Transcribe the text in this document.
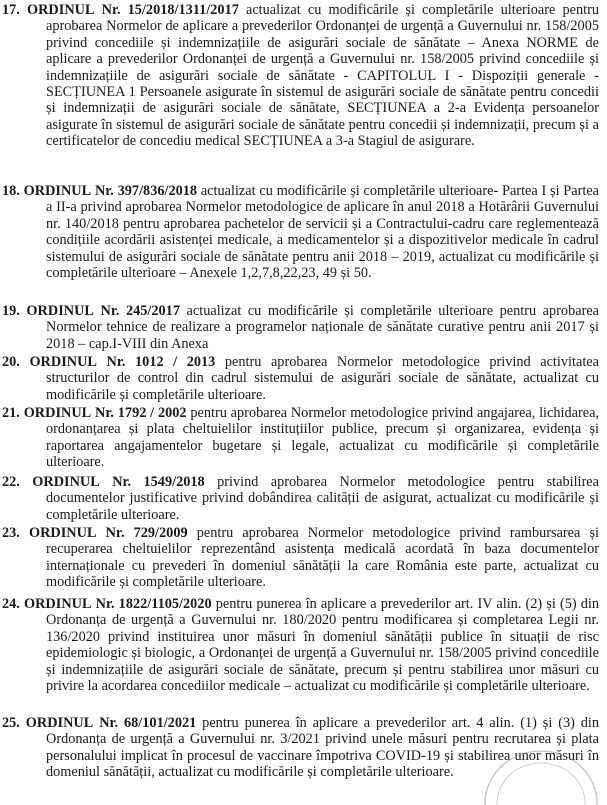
17. ORDINUL Nr. 15/2018/1311/2017 actualizat cu modificările și completările ulterioare pentru aprobarea Normelor de aplicare a prevederilor Ordonanței de urgență a Guvernului nr. 158/2005 privind concediile și indemnizațiile de asigurări sociale de sănătate – Anexa NORME de aplicare a prevederilor Ordonanței de urgență a Guvernului nr. 158/2005 privind concediile și indemnizațiile de asigurări sociale de sănătate - CAPITOLUL I - Dispoziții generale - SECȚIUNEA 1 Persoanele asigurate în sistemul de asigurări sociale de sănătate pentru concedii și indemnizații de asigurări sociale de sănătate, SECȚIUNEA a 2-a Evidența persoanelor asigurate în sistemul de asigurări sociale de sănătate pentru concedii și indemnizații, precum și a certificatelor de concediu medical SECȚIUNEA a 3-a Stagiul de asigurare.
18. ORDINUL Nr. 397/836/2018 actualizat cu modificările și completările ulterioare- Partea I și Partea a II-a privind aprobarea Normelor metodologice de aplicare în anul 2018 a Hotărârii Guvernului nr. 140/2018 pentru aprobarea pachetelor de servicii și a Contractului-cadru care reglementează condițiile acordării asistenței medicale, a medicamentelor și a dispozitivelor medicale în cadrul sistemului de asigurări sociale de sănătate pentru anii 2018 – 2019, actualizat cu modificările și completările ulterioare – Anexele 1,2,7,8,22,23, 49 și 50.
19. ORDINUL Nr. 245/2017 actualizat cu modificările și completările ulterioare pentru aprobarea Normelor tehnice de realizare a programelor naționale de sănătate curative pentru anii 2017 și 2018 – cap.I-VIII din Anexa
20. ORDINUL Nr. 1012 / 2013 pentru aprobarea Normelor metodologice privind activitatea structurilor de control din cadrul sistemului de asigurări sociale de sănătate, actualizat cu modificările și completările ulterioare.
21. ORDINUL Nr. 1792 / 2002 pentru aprobarea Normelor metodologice privind angajarea, lichidarea, ordonanțarea și plata cheltuielilor instituțiilor publice, precum și organizarea, evidența și raportarea angajamentelor bugetare și legale, actualizat cu modificările și completările ulterioare.
22. ORDINUL Nr. 1549/2018 privind aprobarea Normelor metodologice pentru stabilirea documentelor justificative privind dobândirea calității de asigurat, actualizat cu modificările și completările ulterioare.
23. ORDINUL Nr. 729/2009 pentru aprobarea Normelor metodologice privind rambursarea și recuperarea cheltuielilor reprezentând asistența medicală acordată în baza documentelor internaționale cu prevederi în domeniul sănătății la care România este parte, actualizat cu modificările și completările ulterioare.
24. ORDINUL Nr. 1822/1105/2020 pentru punerea în aplicare a prevederilor art. IV alin. (2) și (5) din Ordonanța de urgență a Guvernului nr. 180/2020 pentru modificarea și completarea Legii nr. 136/2020 privind instituirea unor măsuri în domeniul sănătății publice în situații de risc epidemiologic și biologic, a Ordonanței de urgență a Guvernului nr. 158/2005 privind concediile și indemnizațiile de asigurări sociale de sănătate, precum și pentru stabilirea unor măsuri cu privire la acordarea concediilor medicale – actualizat cu modificările și completările ulterioare.
25. ORDINUL Nr. 68/101/2021 pentru punerea în aplicare a prevederilor art. 4 alin. (1) și (3) din Ordonanța de urgență a Guvernului nr. 3/2021 privind unele măsuri pentru recrutarea și plata personalului implicat în procesul de vaccinare împotriva COVID-19 și stabilirea unor măsuri în domeniul sănătății, actualizat cu modificările și completările ulterioare.
